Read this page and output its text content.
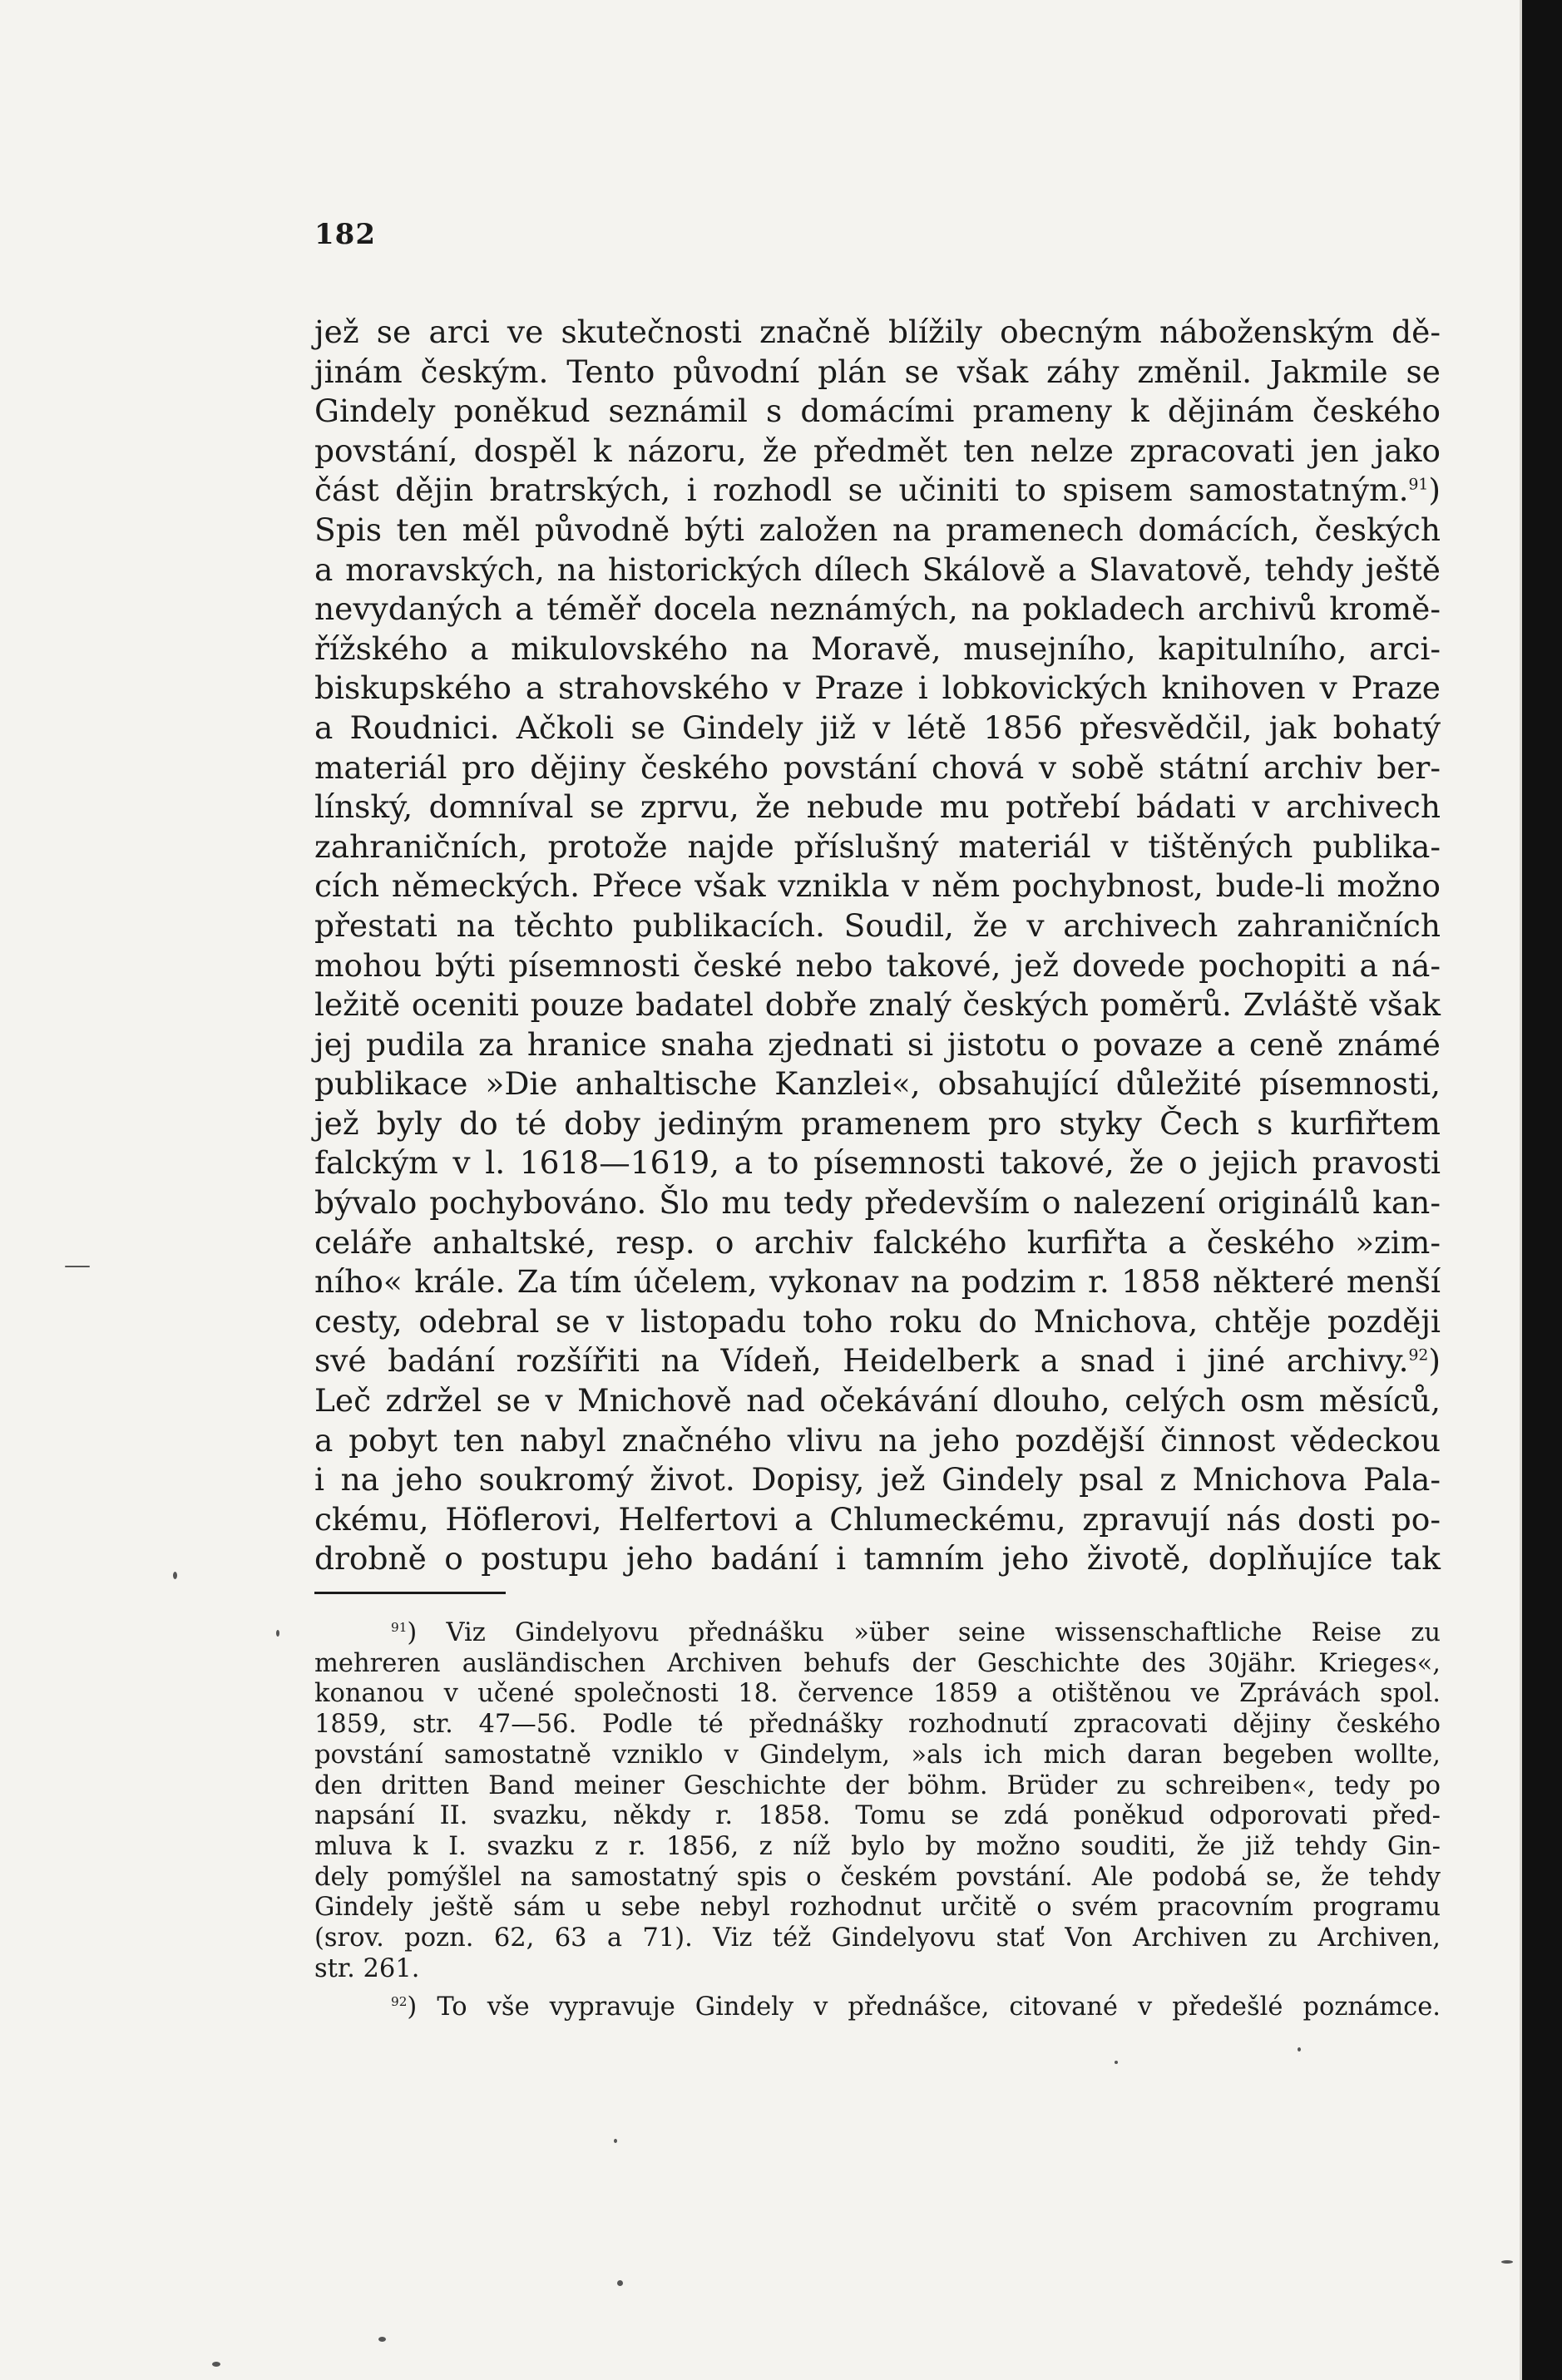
182
jež se arci ve skutečnosti značně blížily obecným náboženským dě-
jinám českým. Tento původní plán se však záhy změnil. Jakmile se
Gindely poněkud seznámil s domácími prameny k dějinám českého
povstání, dospěl k názoru, že předmět ten nelze zpracovati jen jako
část dějin bratrských, i rozhodl se učiniti to spisem samostatným.$^{91}$)
Spis ten měl původně býti založen na pramenech domácích, českých
a moravských, na historických dílech Skálově a Slavatově, tehdy ještě
nevydaných a téměř docela neznámých, na pokladech archivů kromě-
řížského a mikulovského na Moravě, musejního, kapitulního, arci-
biskupského a strahovského v Praze i lobkovických knihoven v Praze
a Roudnici. Ačkoli se Gindely již v létě 1856 přesvědčil, jak bohatý
materiál pro dějiny českého povstání chová v sobě státní archiv ber-
línský, domníval se zprvu, že nebude mu potřebí bádati v archivech
zahraničních, protože najde příslušný materiál v tištěných publika-
cích německých. Přece však vznikla v něm pochybnost, bude-li možno
přestati na těchto publikacích. Soudil, že v archivech zahraničních
mohou býti písemnosti české nebo takové, jež dovede pochopiti a ná-
ležitě oceniti pouze badatel dobře znalý českých poměrů. Zvláště však
jej pudila za hranice snaha zjednati si jistotu o povaze a ceně známé
publikace »Die anhaltische Kanzlei«, obsahující důležité písemnosti,
jež byly do té doby jediným pramenem pro styky Čech s kurfiřtem
falckým v l. 1618—1619, a to písemnosti takové, že o jejich pravosti
bývalo pochybováno. Šlo mu tedy především o nalezení originálů kan-
celáře anhaltské, resp. o archiv falckého kurfiřta a českého »zim-
ního« krále. Za tím účelem, vykonav na podzim r. 1858 některé menší
cesty, odebral se v listopadu toho roku do Mnichova, chtěje později
své badání rozšířiti na Vídeň, Heidelberk a snad i jiné archivy.$^{92}$)
Leč zdržel se v Mnichově nad očekávání dlouho, celých osm měsíců,
a pobyt ten nabyl značného vlivu na jeho pozdější činnost vědeckou
i na jeho soukromý život. Dopisy, jež Gindely psal z Mnichova Pala-
ckému, Höflerovi, Helfertovi a Chlumeckému, zpravují nás dosti po-
drobně o postupu jeho badání i tamním jeho životě, doplňujíce tak
$^{91}$) Viz Gindelyovu přednášku »über seine wissenschaftliche Reise zu
mehreren ausländischen Archiven behufs der Geschichte des 30jähr. Krieges«,
konanou v učené společnosti 18. července 1859 a otištěnou ve Zprávách spol.
1859, str. 47—56. Podle té přednášky rozhodnutí zpracovati dějiny českého
povstání samostatně vzniklo v Gindelym, »als ich mich daran begeben wollte,
den dritten Band meiner Geschichte der böhm. Brüder zu schreiben«, tedy po
napsání II. svazku, někdy r. 1858. Tomu se zdá poněkud odporovati před-
mluva k I. svazku z r. 1856, z níž bylo by možno souditi, že již tehdy Gin-
dely pomýšlel na samostatný spis o českém povstání. Ale podobá se, že tehdy
Gindely ještě sám u sebe nebyl rozhodnut určitě o svém pracovním programu
(srov. pozn. 62, 63 a 71). Viz též Gindelyovu stať Von Archiven zu Archiven,
str. 261.
$^{92}$) To vše vypravuje Gindely v přednášce, citované v předešlé poznámce.
